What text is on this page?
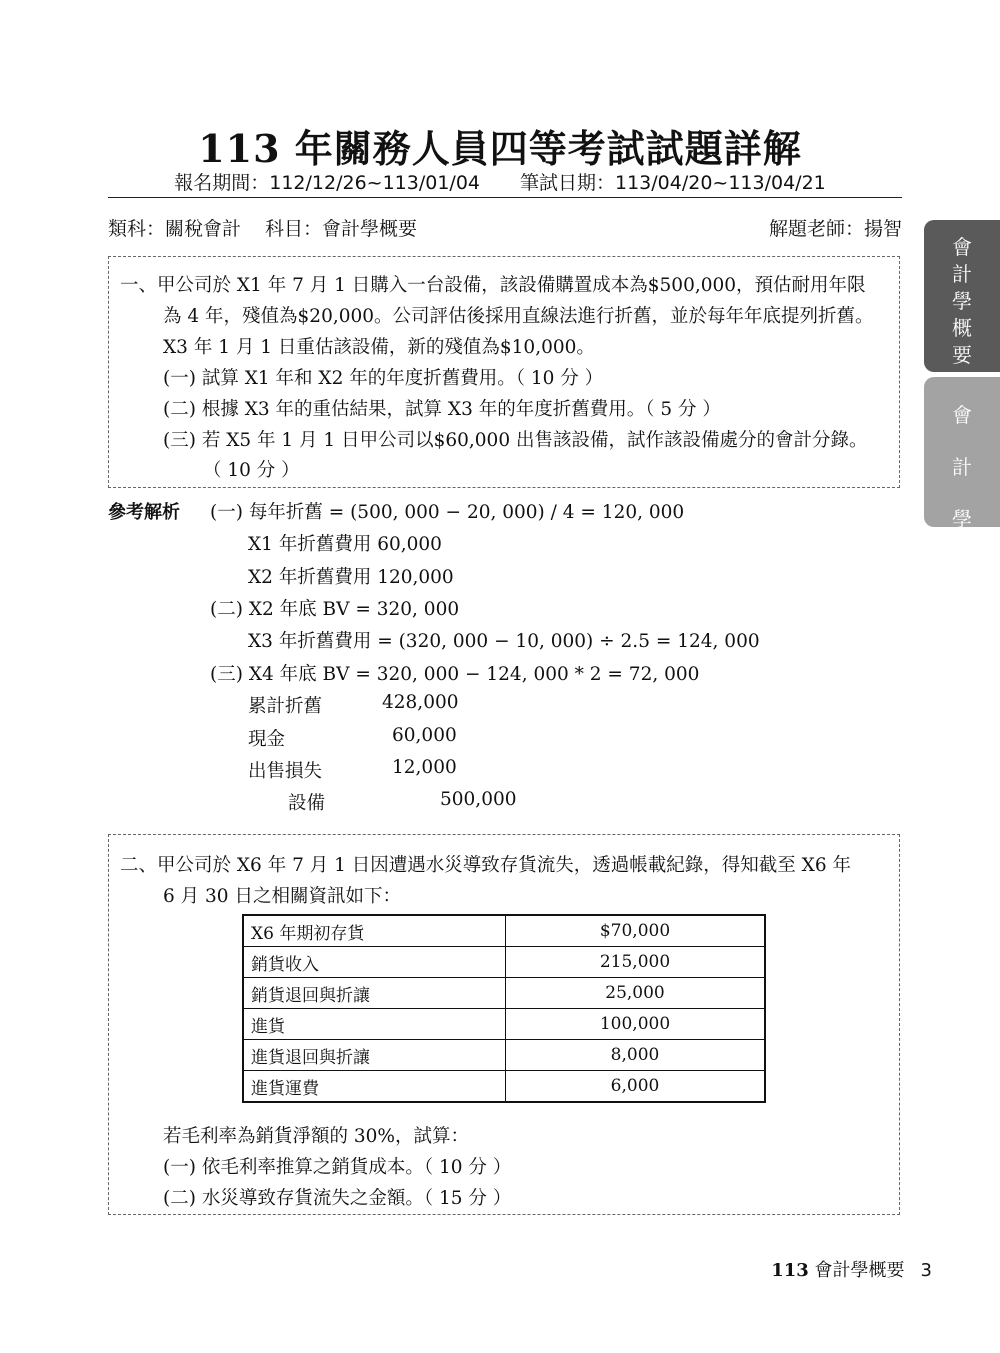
113 年關務人員四等考試試題詳解
報名期間：112/12/26~113/01/04 筆試日期：113/04/20~113/04/21
類科：關稅會計 科目：會計學概要	解題老師：揚智
會
計
學
概
要
會
計
學
一、甲公司於 X1 年 7 月 1 日購入一台設備，該設備購置成本為$500,000，預估耐用年限
為 4 年，殘值為$20,000。公司評估後採用直線法進行折舊，並於每年年底提列折舊。
X3 年 1 月 1 日重估該設備，新的殘值為$10,000。
(一) 試算 X1 年和 X2 年的年度折舊費用。（ 10 分 ）
(二) 根據 X3 年的重估結果，試算 X3 年的年度折舊費用。（ 5 分 ）
(三) 若 X5 年 1 月 1 日甲公司以$60,000 出售該設備，試作該設備處分的會計分錄。
（ 10 分 ）
參考解析 (一) 每年折舊 = (500, 000 − 20, 000) / 4 = 120, 000
X1 年折舊費用 60,000
X2 年折舊費用 120,000
(二) X2 年底 BV = 320, 000
X3 年折舊費用 = (320, 000 − 10, 000) ÷ 2.5 = 124, 000
(三) X4 年底 BV = 320, 000 − 124, 000 * 2 = 72, 000
累計折舊	428,000
現金	60,000
出售損失	12,000
設備	500,000
二、甲公司於 X6 年 7 月 1 日因遭遇水災導致存貨流失，透過帳載紀錄，得知截至 X6 年
6 月 30 日之相關資訊如下：
X6 年期初存貨	$70,000
銷貨收入	215,000
銷貨退回與折讓	25,000
進貨	100,000
進貨退回與折讓	8,000
進貨運費	6,000
若毛利率為銷貨淨額的 30%，試算：
(一) 依毛利率推算之銷貨成本。（ 10 分 ）
(二) 水災導致存貨流失之金額。（ 15 分 ）
113 會計學概要 3
